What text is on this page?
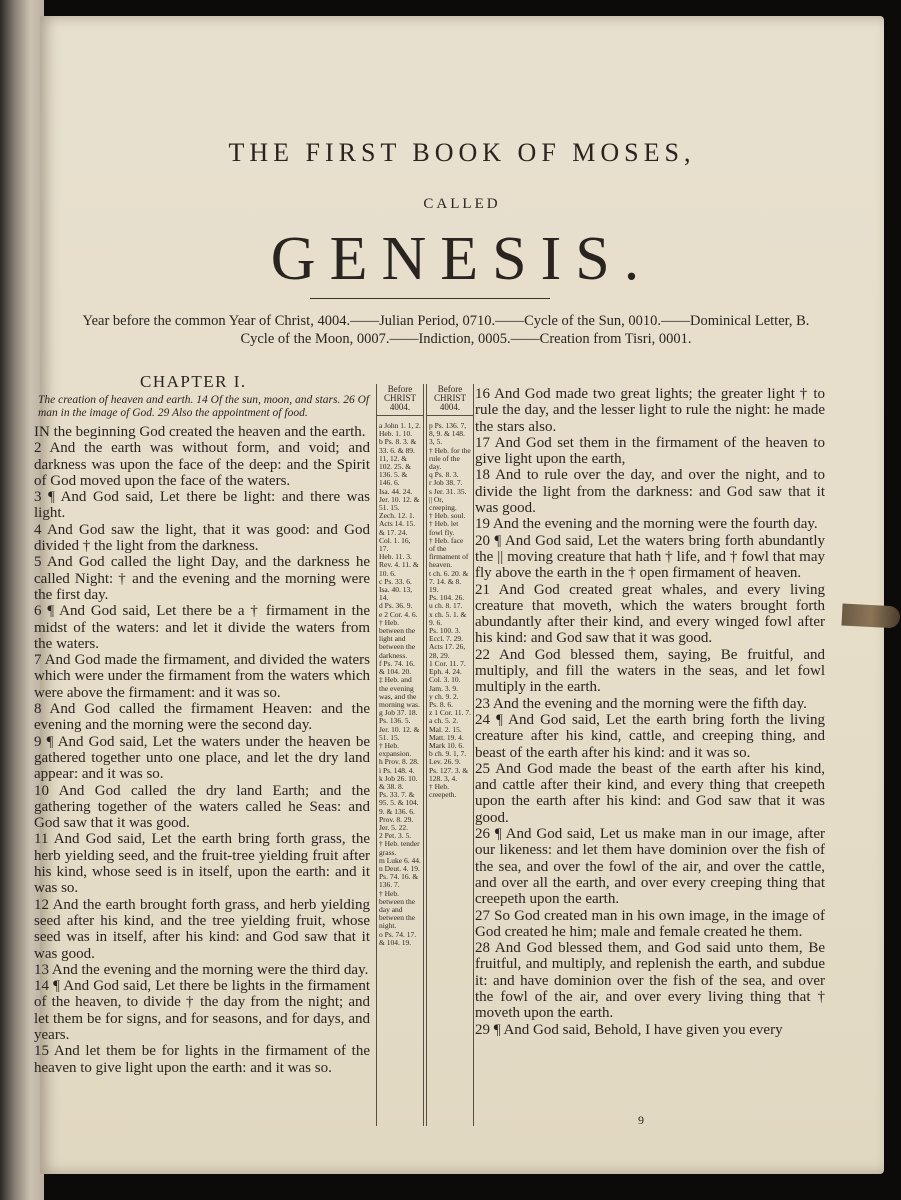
THE FIRST BOOK OF MOSES,
CALLED
GENESIS.
Year before the common Year of Christ, 4004.——Julian Period, 0710.——Cycle of the Sun, 0010.——Dominical Letter, B.
Cycle of the Moon, 0007.——Indiction, 0005.——Creation from Tisri, 0001.
CHAPTER I.
The creation of heaven and earth. 14 Of the sun, moon, and stars. 26 Of man in the image of God. 29 Also the appointment of food.

IN the beginning God created the heaven and the earth.

2 And the earth was without form, and void; and darkness was upon the face of the deep: and the Spirit of God moved upon the face of the waters.

3 ¶ And God said, Let there be light: and there was light.

4 And God saw the light, that it was good: and God divided † the light from the darkness.

5 And God called the light Day, and the darkness he called Night: † and the evening and the morning were the first day.

6 ¶ And God said, Let there be a † firmament in the midst of the waters: and let it divide the waters from the waters.

7 And God made the firmament, and divided the waters which were under the firmament from the waters which were above the firmament: and it was so.

8 And God called the firmament Heaven: and the evening and the morning were the second day.

9 ¶ And God said, Let the waters under the heaven be gathered together unto one place, and let the dry land appear: and it was so.

10 And God called the dry land Earth; and the gathering together of the waters called he Seas: and God saw that it was good.

11 And God said, Let the earth bring forth grass, the herb yielding seed, and the fruit-tree yielding fruit after his kind, whose seed is in itself, upon the earth: and it was so.

12 And the earth brought forth grass, and herb yielding seed after his kind, and the tree yielding fruit, whose seed was in itself, after his kind: and God saw that it was good.

13 And the evening and the morning were the third day.

14 ¶ And God said, Let there be lights in the firmament of the heaven, to divide † the day from the night; and let them be for signs, and for seasons, and for days, and years.

15 And let them be for lights in the firmament of the heaven to give light upon the earth: and it was so.

Before
CHRIST
4004.
a John 1. 1, 2.
Heb. 1. 10.
b Ps. 8. 3. & 33. 6. & 89. 11, 12. & 102. 25. & 136. 5. & 146. 6.
Isa. 44. 24.
Jer. 10. 12. & 51. 15.
Zech. 12. 1.
Acts 14. 15. & 17. 24.
Col. 1. 16, 17.
Heb. 11. 3.
Rev. 4. 11. & 10. 6.
c Ps. 33. 6.
Isa. 40. 13, 14.
d Ps. 36. 9.
e 2 Cor. 4. 6.
† Heb. between the light and between the darkness.
f Ps. 74. 16. & 104. 20.
‡ Heb. and the evening was, and the morning was.
g Job 37. 18.
Ps. 136. 5.
Jer. 10. 12. & 51. 15.
† Heb. expansion.
h Prov. 8. 28.
i Ps. 148. 4.
k Job 26. 10. & 38. 8.
Ps. 33. 7. & 95. 5. & 104. 9. & 136. 6.
Prov. 8. 29.
Jer. 5. 22.
2 Pet. 3. 5.
† Heb. tender grass.
m Luke 6. 44.
n Deut. 4. 19.
Ps. 74. 16. & 136. 7.
† Heb. between the day and between the night.
o Ps. 74. 17. & 104. 19.
Before
CHRIST
4004.
p Ps. 136. 7, 8, 9. & 148. 3, 5.
† Heb. for the rule of the day.
q Ps. 8. 3.
r Job 38. 7.
s Jer. 31. 35.
|| Or, creeping.
† Heb. soul.
† Heb. let fowl fly.
† Heb. face of the firmament of heaven.
t ch. 6. 20. & 7. 14. & 8. 19.
Ps. 104. 26.
u ch. 8. 17.
x ch. 5. 1. & 9. 6.
Ps. 100. 3.
Eccl. 7. 29.
Acts 17. 26, 28, 29.
1 Cor. 11. 7.
Eph. 4. 24.
Col. 3. 10.
Jam. 3. 9.
y ch. 9. 2.
Ps. 8. 6.
z 1 Cor. 11. 7.
a ch. 5. 2.
Mal. 2. 15.
Matt. 19. 4.
Mark 10. 6.
b ch. 9. 1, 7.
Lev. 26. 9.
Ps. 127. 3. & 128. 3, 4.
† Heb. creepeth.

16 And God made two great lights; the greater light † to rule the day, and the lesser light to rule the night: he made the stars also.

17 And God set them in the firmament of the heaven to give light upon the earth,

18 And to rule over the day, and over the night, and to divide the light from the darkness: and God saw that it was good.

19 And the evening and the morning were the fourth day.

20 ¶ And God said, Let the waters bring forth abundantly the || moving creature that hath † life, and † fowl that may fly above the earth in the † open firmament of heaven.

21 And God created great whales, and every living creature that moveth, which the waters brought forth abundantly after their kind, and every winged fowl after his kind: and God saw that it was good.

22 And God blessed them, saying, Be fruitful, and multiply, and fill the waters in the seas, and let fowl multiply in the earth.

23 And the evening and the morning were the fifth day.

24 ¶ And God said, Let the earth bring forth the living creature after his kind, cattle, and creeping thing, and beast of the earth after his kind: and it was so.

25 And God made the beast of the earth after his kind, and cattle after their kind, and every thing that creepeth upon the earth after his kind: and God saw that it was good.

26 ¶ And God said, Let us make man in our image, after our likeness: and let them have dominion over the fish of the sea, and over the fowl of the air, and over the cattle, and over all the earth, and over every creeping thing that creepeth upon the earth.

27 So God created man in his own image, in the image of God created he him; male and female created he them.

28 And God blessed them, and God said unto them, Be fruitful, and multiply, and replenish the earth, and subdue it: and have dominion over the fish of the sea, and over the fowl of the air, and over every living thing that † moveth upon the earth.

29 ¶ And God said, Behold, I have given you every

9
